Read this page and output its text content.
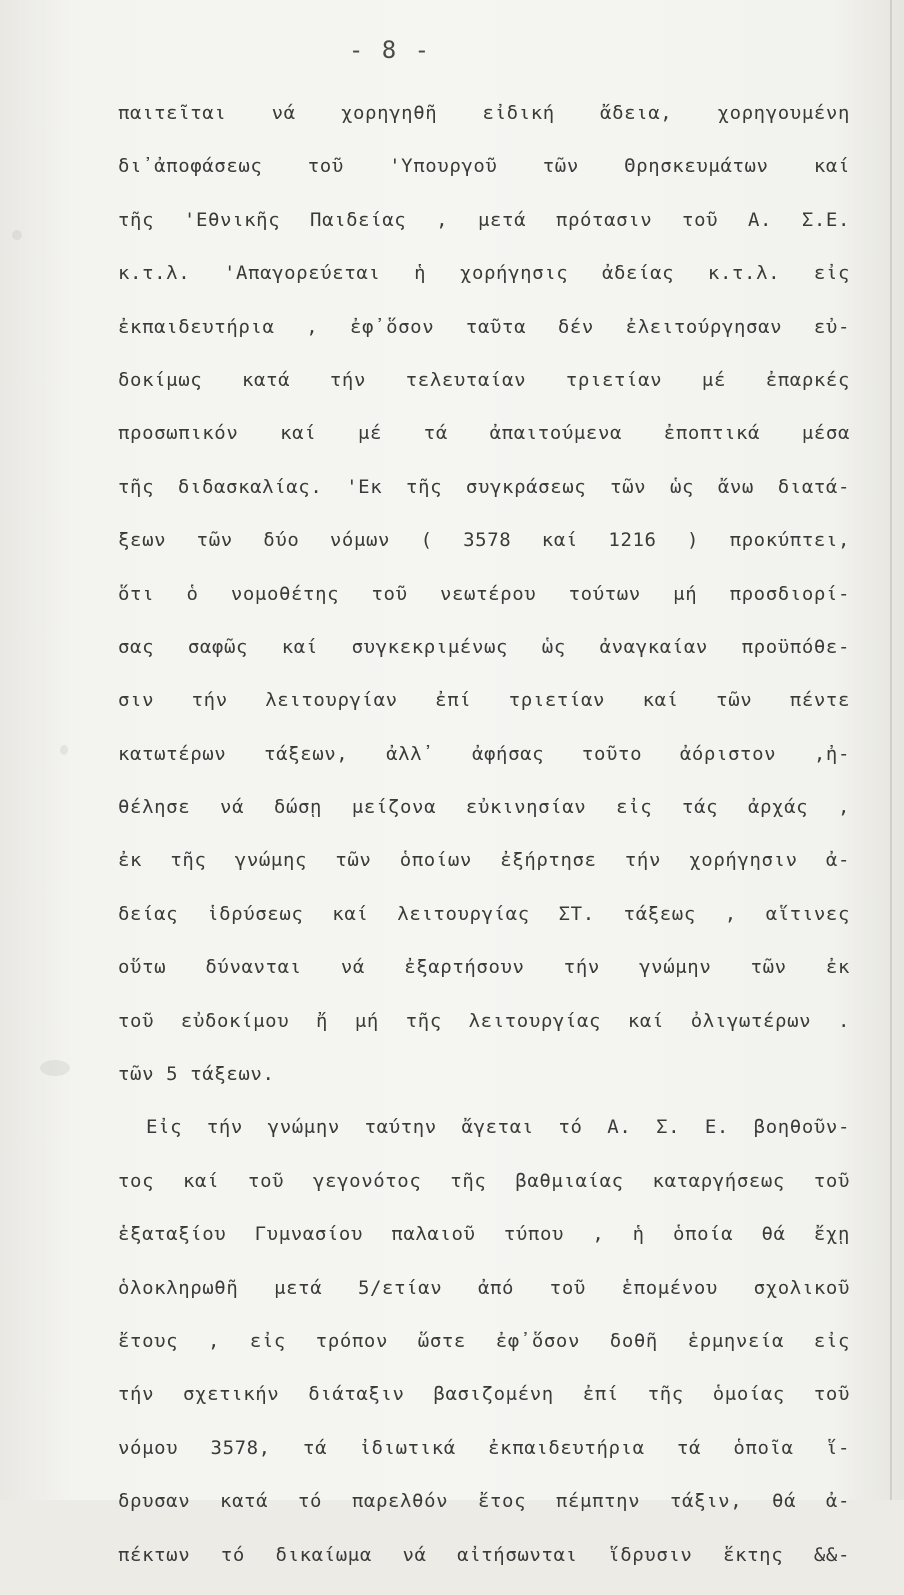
- 8 -
παιτεῖται νά χορηγηθῆ εἰδική ἄδεια, χορηγουμένη
δι᾽ἀποφάσεως τοῦ 'Υπουργοῦ τῶν Θρησκευμάτων καί
τῆς 'Εθνικῆς Παιδείας , μετά πρότασιν τοῦ Α. Σ.Ε.
κ.τ.λ. 'Απαγορεύεται ἡ χορήγησις ἀδείας κ.τ.λ. εἰς
ἐκπαιδευτήρια , ἐφ᾽ὅσον ταῦτα δέν ἐλειτούργησαν εὐ-
δοκίμως κατά τήν τελευταίαν τριετίαν μέ ἐπαρκές
προσωπικόν καί μέ τά ἀπαιτούμενα ἐποπτικά μέσα
τῆς διδασκαλίας. 'Εκ τῆς συγκράσεως τῶν ὡς ἄνω διατά-
ξεων τῶν δύο νόμων ( 3578 καί 1216 ) προκύπτει,
ὅτι ὁ νομοθέτης τοῦ νεωτέρου τούτων μή προσδιορί-
σας σαφῶς καί συγκεκριμένως ὡς ἀναγκαίαν προϋπόθε-
σιν τήν λειτουργίαν ἐπί τριετίαν καί τῶν πέντε
κατωτέρων τάξεων, ἀλλ᾽ ἀφήσας τοῦτο ἀόριστον ,ἠ-
θέλησε νά δώσῃ μείζονα εὐκινησίαν εἰς τάς ἀρχάς ,
ἐκ τῆς γνώμης τῶν ὁποίων ἐξήρτησε τήν χορήγησιν ἀ-
δείας ἱδρύσεως καί λειτουργίας ΣΤ. τάξεως , αἵτινες
οὕτω δύνανται νά ἐξαρτήσουν τήν γνώμην τῶν ἐκ
τοῦ εὐδοκίμου ἤ μή τῆς λειτουργίας καί ὀλιγωτέρων .
τῶν 5 τάξεων.
Εἰς τήν γνώμην ταύτην ἄγεται τό Α. Σ. Ε. βοηθοῦν-
τος καί τοῦ γεγονότος τῆς βαθμιαίας καταργήσεως τοῦ
ἑξαταξίου Γυμνασίου παλαιοῦ τύπου , ἡ ὁποία θά ἔχῃ
ὁλοκληρωθῆ μετά 5/ετίαν ἀπό τοῦ ἑπομένου σχολικοῦ
ἔτους , εἰς τρόπον ὥστε ἐφ᾽ὅσον δοθῆ ἑρμηνεία εἰς
τήν σχετικήν διάταξιν βασιζομένη ἐπί τῆς ὁμοίας τοῦ
νόμου 3578, τά ἰδιωτικά ἐκπαιδευτήρια τά ὁποῖα ἵ-
δρυσαν κατά τό παρελθόν ἔτος πέμπτην τάξιν, θά ἀ-
πέκτων τό δικαίωμα νά αἰτήσωνται ἵδρυσιν ἕκτης &&-
